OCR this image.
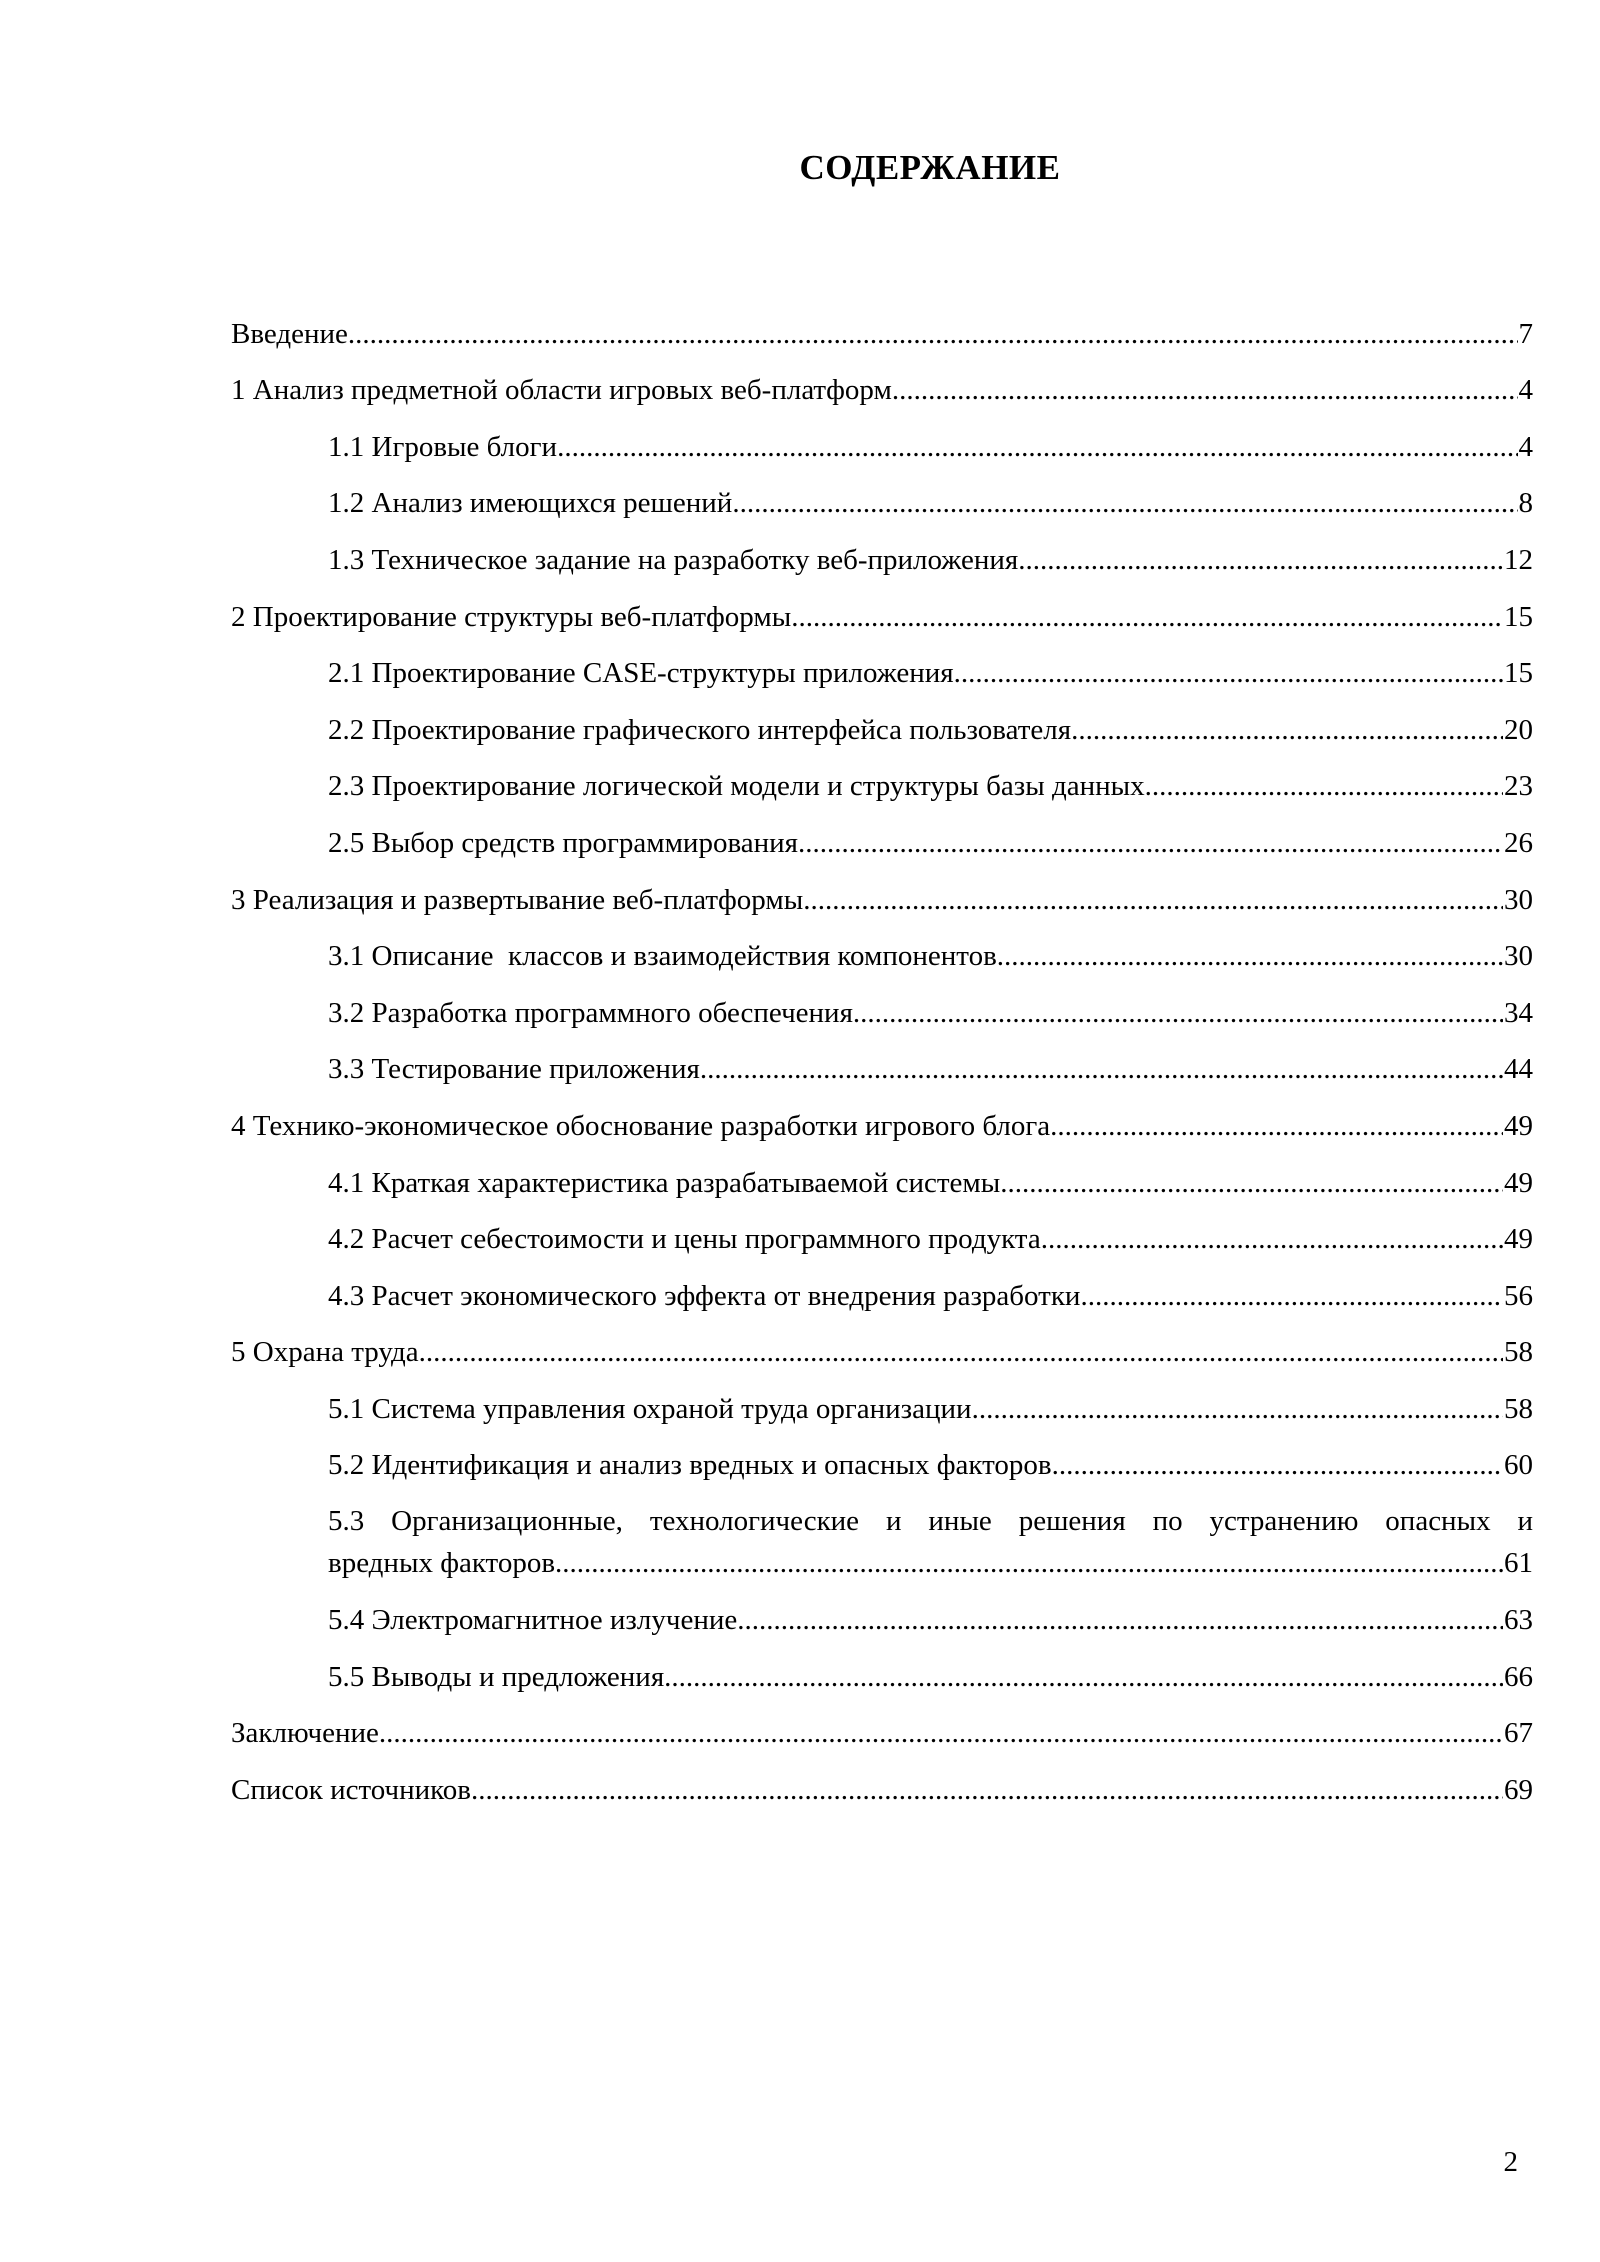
СОДЕРЖАНИЕ
Введение .....	7
1 Анализ предметной области игровых веб-платформ .....	4
1.1 Игровые блоги .....	4
1.2 Анализ имеющихся решений .....	8
1.3 Техническое задание на разработку веб-приложения .....	12
2 Проектирование структуры веб-платформы .....	15
2.1 Проектирование CASE-структуры приложения .....	15
2.2 Проектирование графического интерфейса пользователя .....	20
2.3 Проектирование логической модели и структуры базы данных .....	23
2.5 Выбор средств программирования .....	26
3 Реализация и развертывание веб-платформы .....	30
3.1 Описание  классов и взаимодействия компонентов .....	30
3.2 Разработка программного обеспечения .....	34
3.3 Тестирование приложения .....	44
4 Технико-экономическое обоснование разработки игрового блога .....	49
4.1 Краткая характеристика разрабатываемой системы .....	49
4.2 Расчет себестоимости и цены программного продукта .....	49
4.3 Расчет экономического эффекта от внедрения разработки .....	56
5 Охрана труда .....	58
5.1 Система управления охраной труда организации .....	58
5.2 Идентификация и анализ вредных и опасных факторов .....	60
5.3 Организационные, технологические и иные решения по устранению опасных и
вредных факторов .....	61
5.4 Электромагнитное излучение .....	63
5.5 Выводы и предложения .....	66
Заключение .....	67
Список источников .....	69
2
